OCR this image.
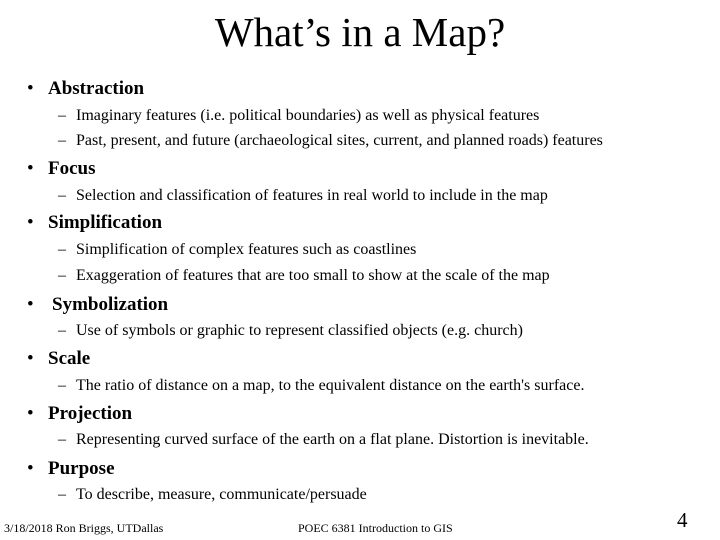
What’s in a Map?
• Abstraction
– Imaginary features (i.e. political boundaries) as well as physical features
– Past, present, and future (archaeological sites, current, and planned roads) features
• Focus
– Selection and classification of features in real world to include in the map
• Simplification
– Simplification of complex features such as coastlines
– Exaggeration of features that are too small to show at the scale of the map
• Symbolization
– Use of symbols or graphic to represent classified objects (e.g. church)
• Scale
– The ratio of distance on a map, to the equivalent distance on the earth's surface.
• Projection
– Representing curved surface of the earth on a flat plane. Distortion is inevitable.
• Purpose
– To describe, measure, communicate/persuade
3/18/2018 Ron Briggs, UTDallas	POEC 6381 Introduction to GIS	4
